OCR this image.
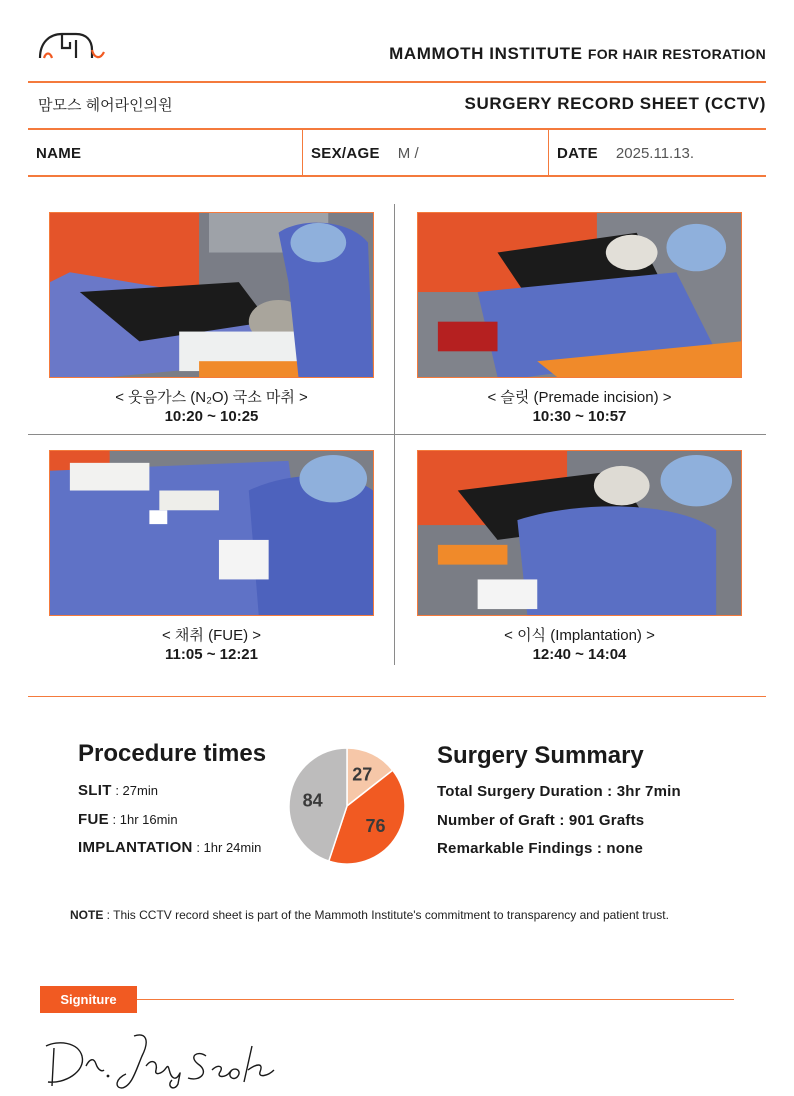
MAMMOTH INSTITUTE FOR HAIR RESTORATION
맘모스 헤어라인의원	SURGERY RECORD SHEET (CCTV)
NAME	SEX/AGE M /	DATE 2025.11.13.
< 웃음가스 (N₂O) 국소 마취 >
10:20 ~ 10:25
< 슬릿 (Premade incision) >
10:30 ~ 10:57
< 채취 (FUE) >
11:05 ~ 12:21
< 이식 (Implantation) >
12:40 ~ 14:04
Procedure times
SLIT : 27min
FUE : 1hr 16min
IMPLANTATION : 1hr 24min
27
76
84
Surgery Summary
Total Surgery Duration : 3hr 7min
Number of Graft : 901 Grafts
Remarkable Findings : none
NOTE : This CCTV record sheet is part of the Mammoth Institute's commitment to transparency and patient trust.
Signiture
